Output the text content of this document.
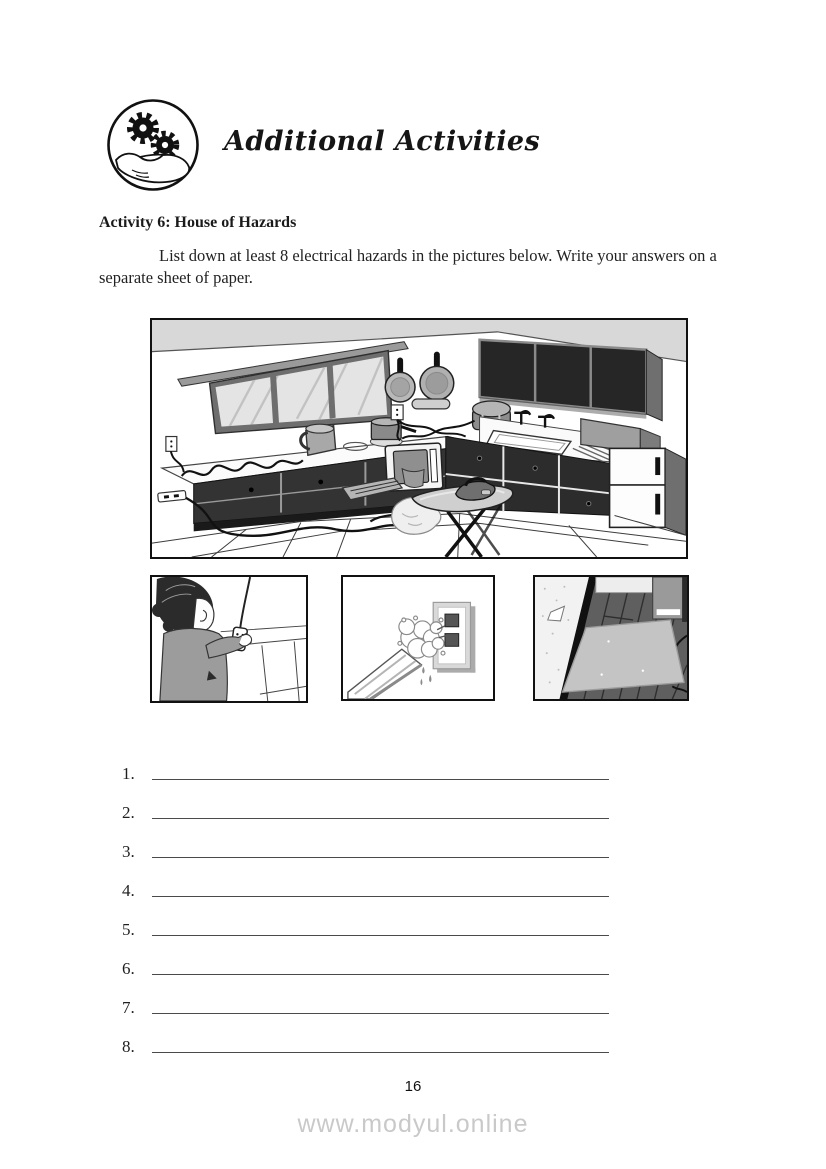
Additional Activities
Activity 6: House of Hazards
List down at least 8 electrical hazards in the pictures below. Write your answers on a separate sheet of paper.
1.
2.
3.
4.
5.
6.
7.
8.
16
www.modyul.online
